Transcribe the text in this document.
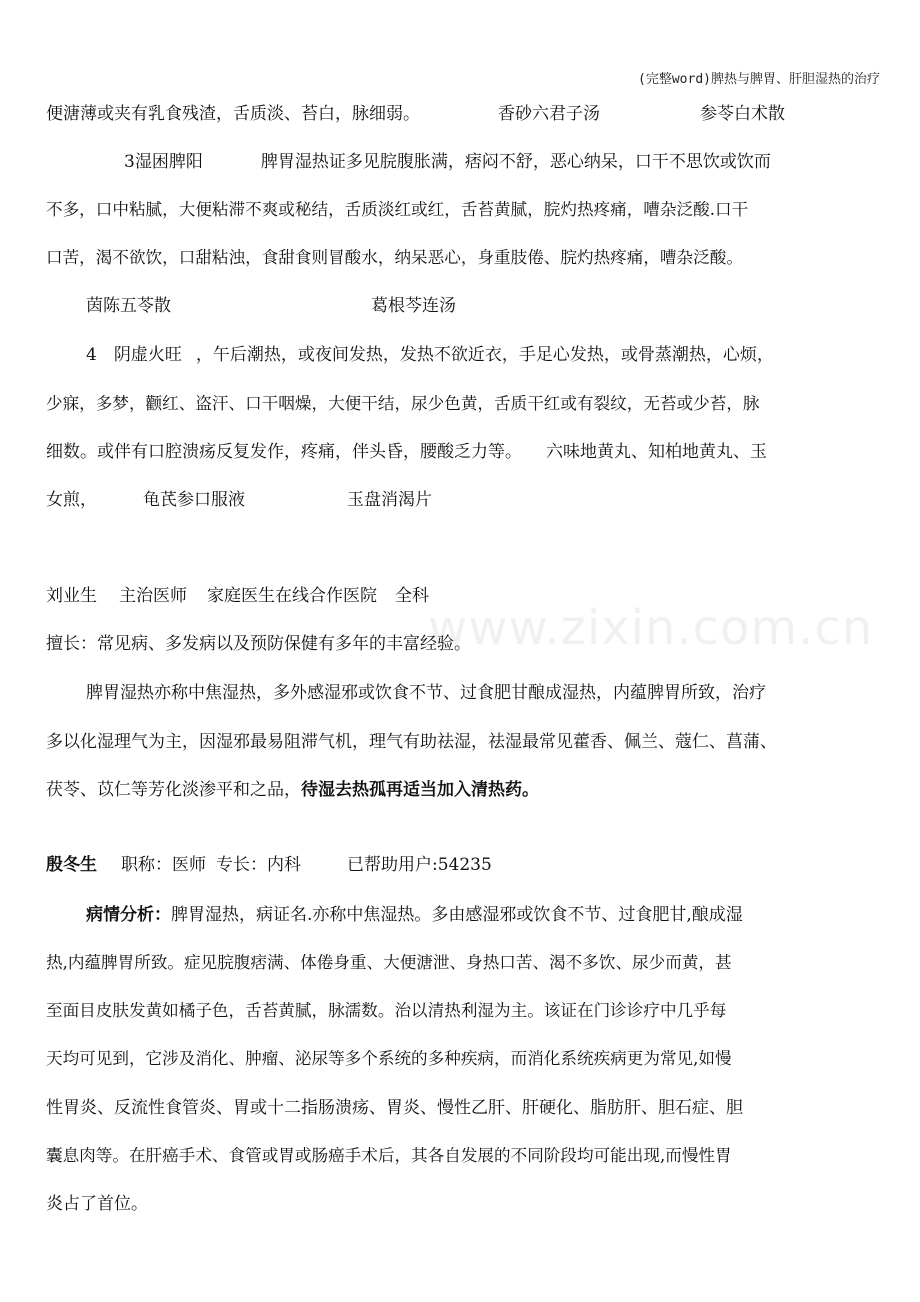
(完整word)脾热与脾胃、肝胆湿热的治疗
www.zixin.com.cn
便溏薄或夹有乳食残渣，舌质淡、苔白，脉细弱。	香砂六君子汤	参苓白术散
3湿困脾阳	脾胃湿热证多见脘腹胀满，痞闷不舒，恶心纳呆，口干不思饮或饮而
不多，口中粘腻，大便粘滞不爽或秘结，舌质淡红或红，舌苔黄腻，脘灼热疼痛，嘈杂泛酸.口干
口苦，渴不欲饮，口甜粘浊，食甜食则冒酸水，纳呆恶心，身重肢倦、脘灼热疼痛，嘈杂泛酸。
茵陈五苓散	葛根芩连汤
4　阴虚火旺 ，午后潮热，或夜间发热，发热不欲近衣，手足心发热，或骨蒸潮热，心烦，
少寐，多梦，颧红、盗汗、口干咽燥，大便干结，尿少色黄，舌质干红或有裂纹，无苔或少苔，脉
细数。或伴有口腔溃疡反复发作，疼痛，伴头昏，腰酸乏力等。 六味地黄丸、知柏地黄丸、玉
女煎，	龟芪参口服液	玉盘消渴片
刘业生 主治医师 家庭医生在线合作医院 全科
擅长：常见病、多发病以及预防保健有多年的丰富经验。
脾胃湿热亦称中焦湿热，多外感湿邪或饮食不节、过食肥甘酿成湿热，内蕴脾胃所致，治疗
多以化湿理气为主，因湿邪最易阻滞气机，理气有助祛湿，祛湿最常见藿香、佩兰、蔻仁、菖蒲、
茯苓、苡仁等芳化淡渗平和之品，待湿去热孤再适当加入清热药。
殷冬生 职称：医师 专长：内科	已帮助用户:54235
病情分析：脾胃湿热，病证名.亦称中焦湿热。多由感湿邪或饮食不节、过食肥甘,酿成湿
热,内蕴脾胃所致。症见脘腹痞满、体倦身重、大便溏泄、身热口苦、渴不多饮、尿少而黄，甚
至面目皮肤发黄如橘子色，舌苔黄腻，脉濡数。治以清热利湿为主。该证在门诊诊疗中几乎每
天均可见到，它涉及消化、肿瘤、泌尿等多个系统的多种疾病，而消化系统疾病更为常见,如慢
性胃炎、反流性食管炎、胃或十二指肠溃疡、胃炎、慢性乙肝、肝硬化、脂肪肝、胆石症、胆
囊息肉等。在肝癌手术、食管或胃或肠癌手术后，其各自发展的不同阶段均可能出现,而慢性胃
炎占了首位。
